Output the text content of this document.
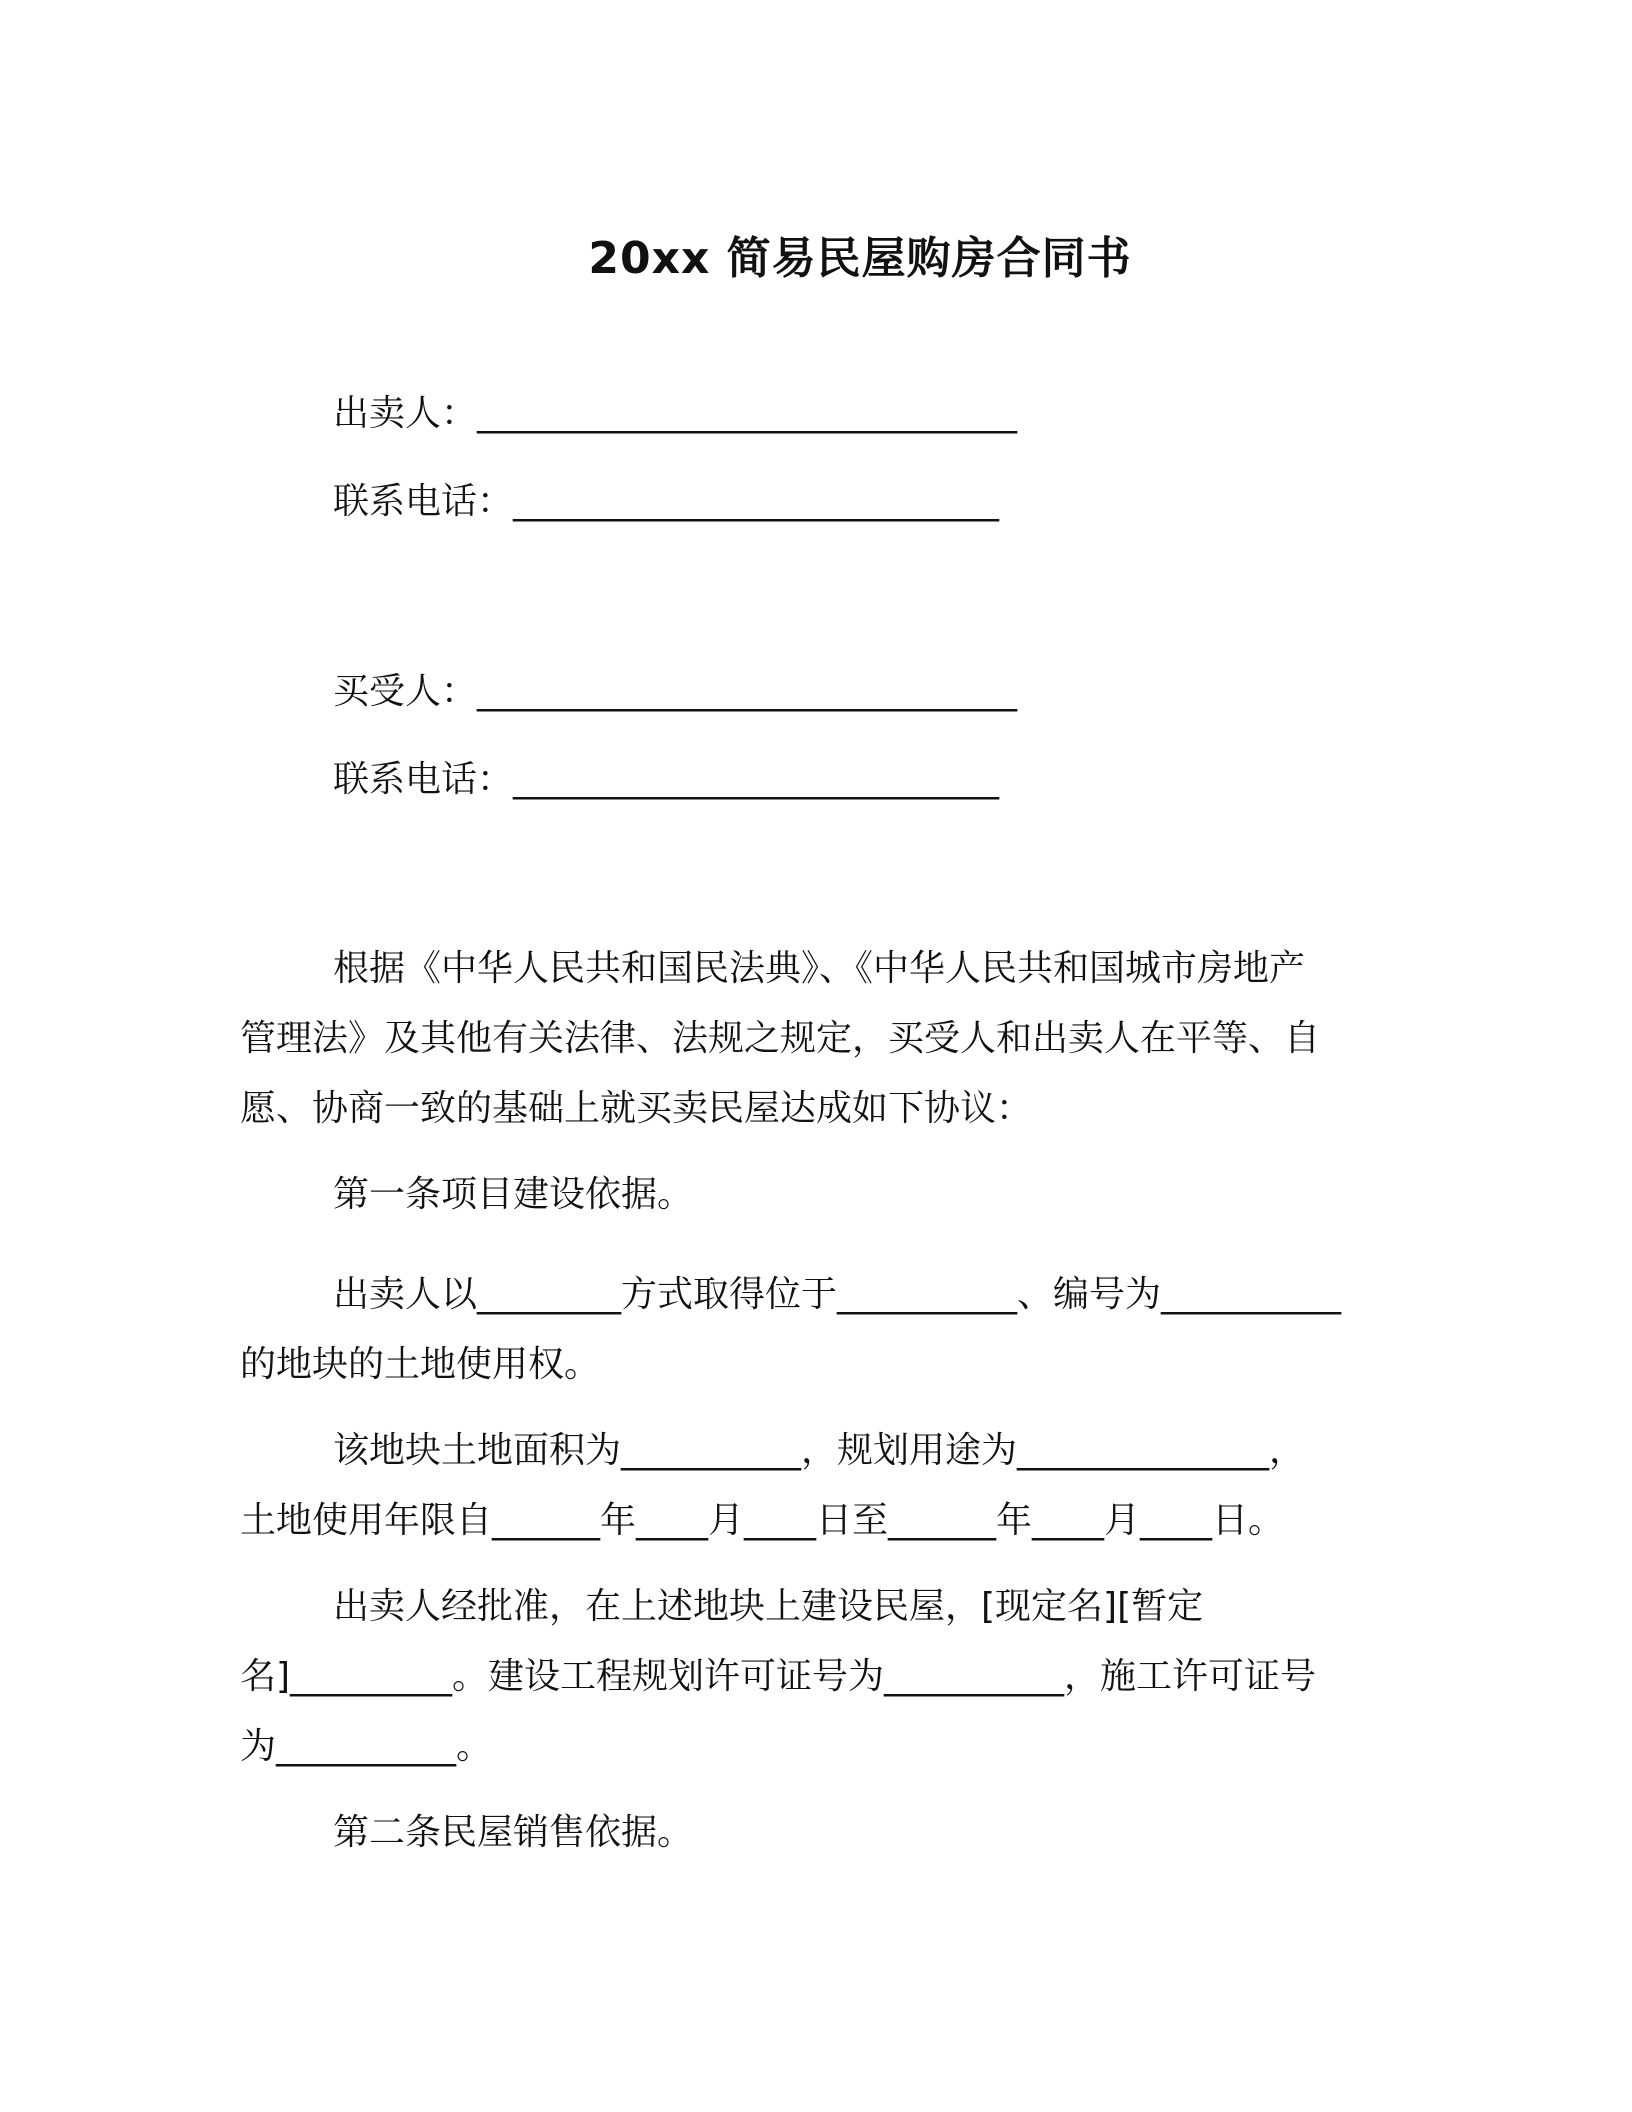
20xx 简易民屋购房合同书
出卖人：______________________________
联系电话：___________________________
买受人：______________________________
联系电话：___________________________
根据《中华人民共和国民法典》、《中华人民共和国城市房地产
管理法》及其他有关法律、法规之规定，买受人和出卖人在平等、自
愿、协商一致的基础上就买卖民屋达成如下协议：
第一条项目建设依据。
出卖人以________方式取得位于__________、编号为__________
的地块的土地使用权。
该地块土地面积为__________，规划用途为______________，
土地使用年限自______年____月____日至______年____月____日。
出卖人经批准，在上述地块上建设民屋，[现定名][暂定
名]_________。建设工程规划许可证号为__________，施工许可证号
为__________。
第二条民屋销售依据。
